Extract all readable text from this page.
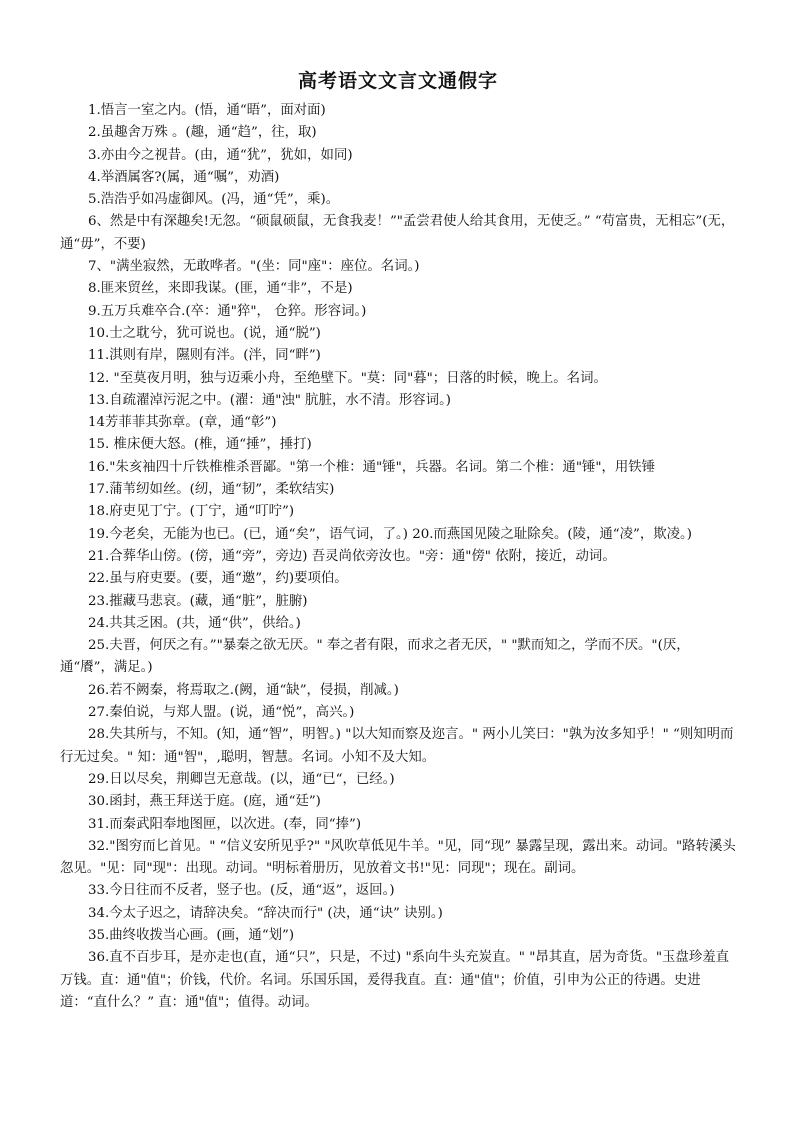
高考语文文言文通假字

1.悟言一室之内。(悟，通“晤”，面对面)

2.虽趣舍万殊 。(趣，通“趋”，往，取)

3.亦由今之视昔。(由，通“犹”，犹如，如同)

4.举酒属客?(属，通“嘱”，劝酒)

5.浩浩乎如冯虚御风。(冯，通“凭”，乘)。

6、然是中有深趣矣!无忽。“硕鼠硕鼠，无食我麦！”"孟尝君使人给其食用，无使乏。” “苟富贵，无相忘”(无，通“毋”，不要)

7、"满坐寂然，无敢哗者。"(坐：同"座"：座位。名词。)

8.匪来贸丝，来即我谋。(匪，通“非”，不是)

9.五万兵难卒合.(卒：通"猝"， 仓猝。形容词。)

10.士之耽兮，犹可说也。(说，通“脱”)

11.淇则有岸，隰则有泮。(泮，同“畔”)

12. "至莫夜月明，独与迈乘小舟，至绝壁下。"莫：同"暮"；日落的时候，晚上。名词。

13.自疏濯淖污泥之中。(濯：通"浊" 肮脏，水不清。形容词。)

14芳菲菲其弥章。(章，通“彰”)

15. 椎床便大怒。(椎，通“捶”，捶打)

16."朱亥袖四十斤铁椎椎杀晋鄙。"第一个椎：通"锤"，兵器。名词。第二个椎：通"锤"，用铁锤

17.蒲苇纫如丝。(纫，通“韧”，柔软结实)

18.府吏见丁宁。(丁宁，通“叮咛”)

19.今老矣，无能为也已。(已，通“矣”，语气词，了。) 20.而燕国见陵之耻除矣。(陵，通“凌”，欺凌。)

21.合葬华山傍。(傍，通“旁”，旁边) 吾灵尚依旁汝也。"旁：通"傍" 依附，接近，动词。

22.虽与府吏要。(要，通“邀”，约)要项伯。

23.摧藏马悲哀。(藏，通“脏”，脏腑)

24.共其乏困。(共，通“供”，供给。)

25.夫晋，何厌之有。”"暴秦之欲无厌。" 奉之者有限，而求之者无厌，" "默而知之，学而不厌。"(厌，通“餍”，满足。)

26.若不阙秦，将焉取之.(阙，通“缺”，侵损，削减。)

27.秦伯说，与郑人盟。(说，通“悦”，高兴。)

28.失其所与，不知。(知，通“智”，明智。) "以大知而察及迩言。" 两小儿笑曰："孰为汝多知乎！" “则知明而行无过矣。" 知：通"智"，,聪明，智慧。名词。小知不及大知。

29.日以尽矣，荆卿岂无意哉。(以，通“已“，已经。)

30.函封，燕王拜送于庭。(庭，通“廷”)

31.而秦武阳奉地图匣，以次进。(奉，同“捧”)

32."图穷而匕首见。" “信义安所见乎?" "风吹草低见牛羊。"见，同“现” 暴露呈现，露出来。动词。"路转溪头忽见。"见：同"现"：出现。动词。"明标着册历，见放着文书!"见：同现"；现在。副词。

33.今日往而不反者，竖子也。(反，通“返”，返回。)

34.今太子迟之，请辞决矣。“辞决而行" (决，通“诀” 诀别。)

35.曲终收拨当心画。(画，通“划”)

36.直不百步耳，是亦走也(直，通“只”，只是，不过) "系向牛头充炭直。" "昂其直，居为奇货。"玉盘珍羞直万钱。直：通"值"；价钱，代价。名词。乐国乐国，爰得我直。直：通"值"；价值，引申为公正的待遇。史进道：“直什么？” 直：通"值"；值得。动词。
